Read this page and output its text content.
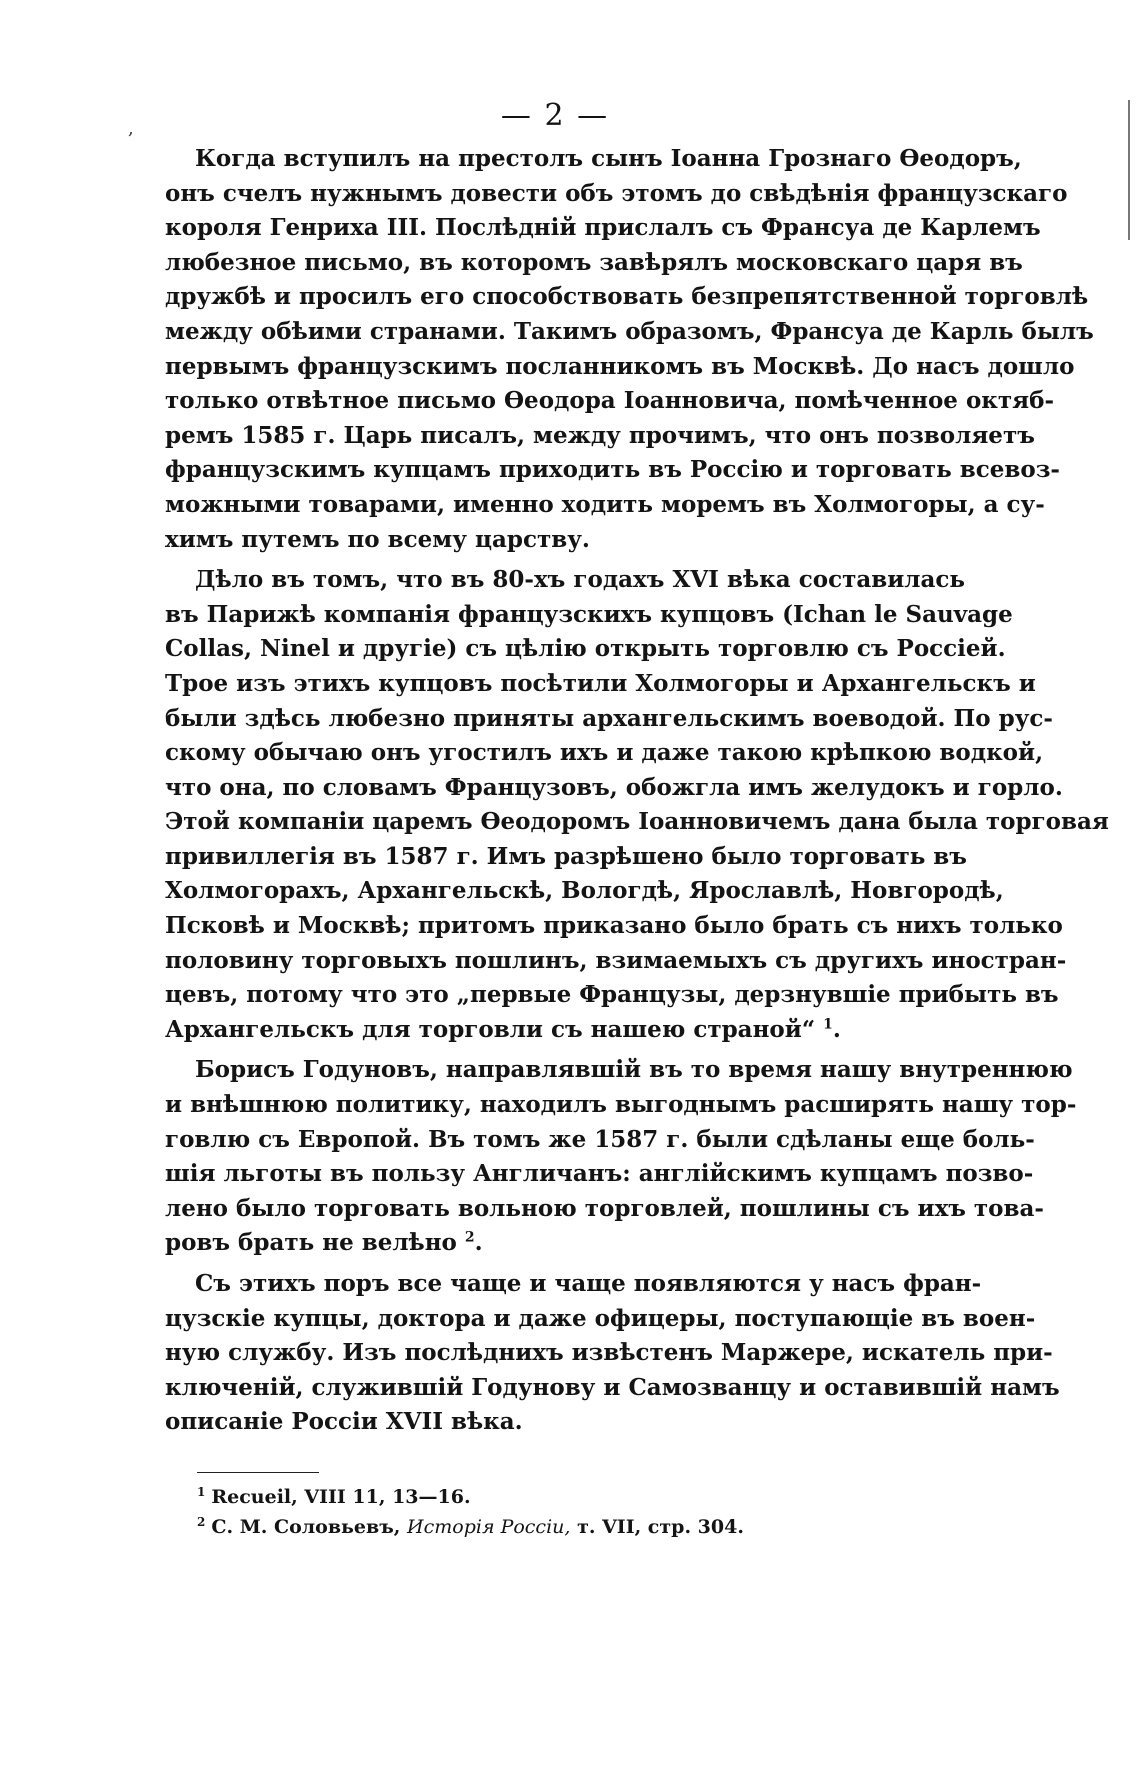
— 2 —
,

Когда вступилъ на престолъ сынъ Іоанна Грознаго Ѳеодоръ,
онъ счелъ нужнымъ довести объ этомъ до свѣдѣнія французскаго
короля Генриха III. Послѣдній прислалъ съ Франсуа де Карлемъ
любезное письмо, въ которомъ завѣрялъ московскаго царя въ
дружбѣ и просилъ его способствовать безпрепятственной торговлѣ
между обѣими странами. Такимъ образомъ, Франсуа де Карль былъ
первымъ французскимъ посланникомъ въ Москвѣ. До насъ дошло
только отвѣтное письмо Ѳеодора Іоанновича, помѣченное октяб-
ремъ 1585 г. Царь писалъ, между прочимъ, что онъ позволяетъ
французскимъ купцамъ приходить въ Россію и торговать всевоз-
можными товарами, именно ходить моремъ въ Холмогоры, а су-
химъ путемъ по всему царству.

Дѣло въ томъ, что въ 80-хъ годахъ XVI вѣка составилась
въ Парижѣ компанія французскихъ купцовъ (Ichan le Sauvage
Collas, Ninel и другіе) съ цѣлію открыть торговлю съ Россіей.
Трое изъ этихъ купцовъ посѣтили Холмогоры и Архангельскъ и
были здѣсь любезно приняты архангельскимъ воеводой. По рус-
скому обычаю онъ угостилъ ихъ и даже такою крѣпкою водкой,
что она, по словамъ Французовъ, обожгла имъ желудокъ и горло.
Этой компаніи царемъ Ѳеодоромъ Іоанновичемъ дана была торговая
привиллегія въ 1587 г. Имъ разрѣшено было торговать въ
Холмогорахъ, Архангельскѣ, Вологдѣ, Ярославлѣ, Новгородѣ,
Псковѣ и Москвѣ; притомъ приказано было брать съ нихъ только
половину торговыхъ пошлинъ, взимаемыхъ съ другихъ иностран-
цевъ, потому что это „первые Французы, дерзнувшіе прибыть въ
Архангельскъ для торговли съ нашею страной“ $^1$.

Борисъ Годуновъ, направлявшій въ то время нашу внутреннюю
и внѣшнюю политику, находилъ выгоднымъ расширять нашу тор-
говлю съ Европой. Въ томъ же 1587 г. были сдѣланы еще боль-
шія льготы въ пользу Англичанъ: англійскимъ купцамъ позво-
лено было торговать вольною торговлей, пошлины съ ихъ това-
ровъ брать не велѣно $^2$.

Съ этихъ поръ все чаще и чаще появляются у насъ фран-
цузскіе купцы, доктора и даже офицеры, поступающіе въ воен-
ную службу. Изъ послѣднихъ извѣстенъ Маржере, искатель при-
ключеній, служившій Годунову и Самозванцу и оставившій намъ
описаніе Россіи XVII вѣка.

$^1$ Recueil, VIII 11, 13—16.
$^2$ С. М. Соловьевъ, Исторія Россіи, т. VII, стр. 304.
